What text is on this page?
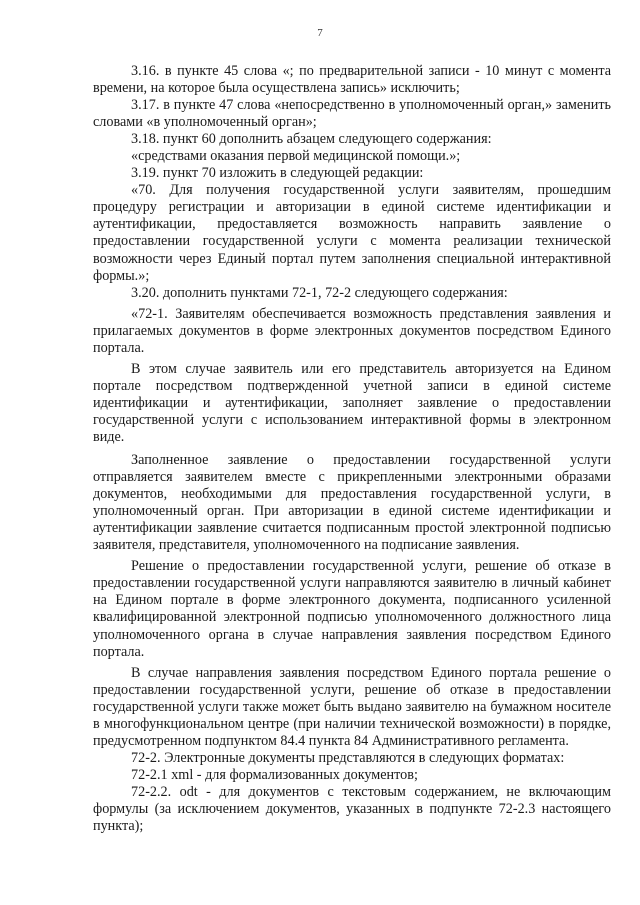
7

3.16. в пункте 45 слова «; по предварительной записи - 10 минут с момента времени, на которое была осуществлена запись» исключить;

3.17. в пункте 47 слова «непосредственно в уполномоченный орган,» заменить словами «в уполномоченный орган»;

3.18. пункт 60 дополнить абзацем следующего содержания:

«средствами оказания первой медицинской помощи.»;

3.19. пункт 70 изложить в следующей редакции:

«70. Для получения государственной услуги заявителям, прошедшим процедуру регистрации и авторизации в единой системе идентификации и аутентификации, предоставляется возможность направить заявление о предоставлении государственной услуги с момента реализации технической возможности через Единый портал путем заполнения специальной интерактивной формы.»;

3.20. дополнить пунктами 72-1, 72-2 следующего содержания:

«72-1. Заявителям обеспечивается возможность представления заявления и прилагаемых документов в форме электронных документов посредством Единого портала.

В этом случае заявитель или его представитель авторизуется на Едином портале посредством подтвержденной учетной записи в единой системе идентификации и аутентификации, заполняет заявление о предоставлении государственной услуги с использованием интерактивной формы в электронном виде.

Заполненное заявление о предоставлении государственной услуги отправляется заявителем вместе с прикрепленными электронными образами документов, необходимыми для предоставления государственной услуги, в уполномоченный орган. При авторизации в единой системе идентификации и аутентификации заявление считается подписанным простой электронной подписью заявителя, представителя, уполномоченного на подписание заявления.

Решение о предоставлении государственной услуги, решение об отказе в предоставлении государственной услуги направляются заявителю в личный кабинет на Едином портале в форме электронного документа, подписанного усиленной квалифицированной электронной подписью уполномоченного должностного лица уполномоченного органа в случае направления заявления посредством Единого портала.

В случае направления заявления посредством Единого портала решение о предоставлении государственной услуги, решение об отказе в предоставлении государственной услуги также может быть выдано заявителю на бумажном носителе в многофункциональном центре (при наличии технической возможности) в порядке, предусмотренном подпунктом 84.4 пункта 84 Административного регламента.

72-2. Электронные документы представляются в следующих форматах:

72-2.1 xml - для формализованных документов;

72-2.2. odt - для документов с текстовым содержанием, не включающим формулы (за исключением документов, указанных в подпункте 72-2.3 настоящего пункта);
